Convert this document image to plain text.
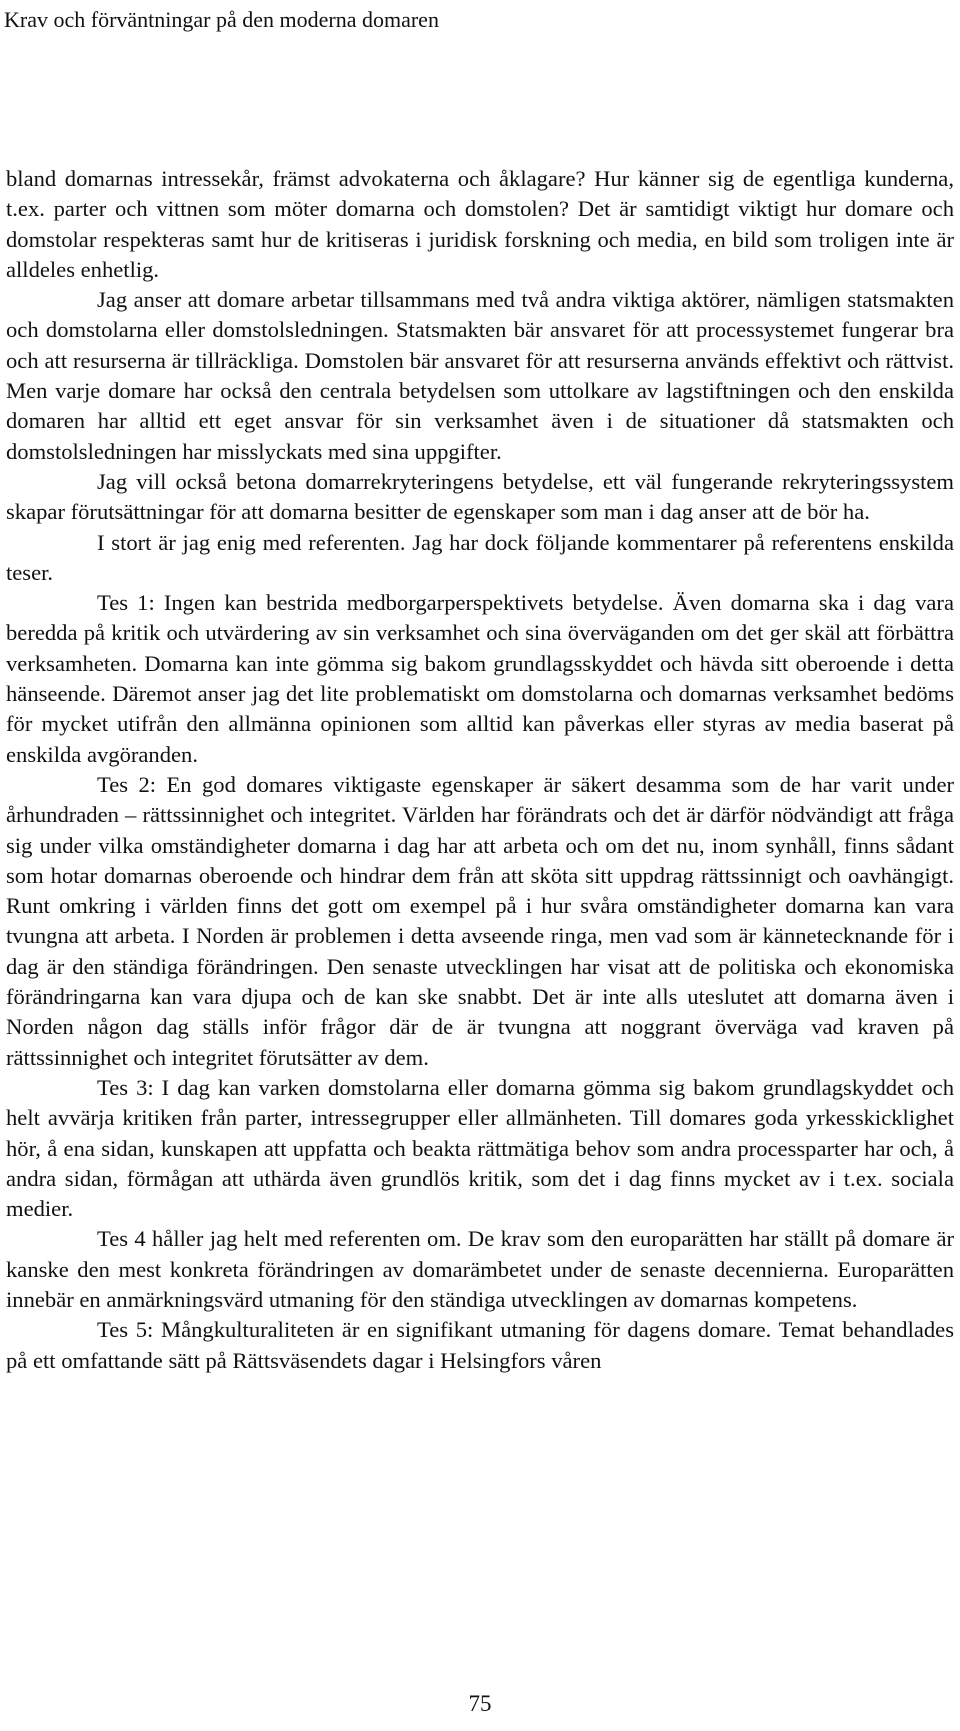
Krav och förväntningar på den moderna domaren

bland domarnas intressekår, främst advokaterna och åklagare? Hur känner sig de egentliga kunderna, t.ex. parter och vittnen som möter domarna och domstolen? Det är samtidigt viktigt hur domare och domstolar respekteras samt hur de kritiseras i juridisk forskning och media, en bild som troligen inte är alldeles enhetlig.

Jag anser att domare arbetar tillsammans med två andra viktiga aktörer, nämligen statsmakten och domstolarna eller domstolsledningen. Statsmakten bär ansvaret för att processystemet fungerar bra och att resurserna är tillräckliga. Domstolen bär ansvaret för att resurserna används effektivt och rättvist. Men varje domare har också den centrala betydelsen som uttolkare av lagstiftningen och den enskilda domaren har alltid ett eget ansvar för sin verksamhet även i de situationer då statsmakten och domstolsledningen har misslyckats med sina uppgifter.

Jag vill också betona domarrekryteringens betydelse, ett väl fungerande rekryteringssystem skapar förutsättningar för att domarna besitter de egenskaper som man i dag anser att de bör ha.

I stort är jag enig med referenten. Jag har dock följande kommentarer på referentens enskilda teser.

Tes 1: Ingen kan bestrida medborgarperspektivets betydelse. Även domarna ska i dag vara beredda på kritik och utvärdering av sin verksamhet och sina överväganden om det ger skäl att förbättra verksamheten. Domarna kan inte gömma sig bakom grundlagsskyddet och hävda sitt oberoende i detta hänseende. Däremot anser jag det lite problematiskt om domstolarna och domarnas verksamhet bedöms för mycket utifrån den allmänna opinionen som alltid kan påverkas eller styras av media baserat på enskilda avgöranden.

Tes 2: En god domares viktigaste egenskaper är säkert desamma som de har varit under århundraden – rättssinnighet och integritet. Världen har förändrats och det är därför nödvändigt att fråga sig under vilka omständigheter domarna i dag har att arbeta och om det nu, inom synhåll, finns sådant som hotar domarnas oberoende och hindrar dem från att sköta sitt uppdrag rättssinnigt och oavhängigt. Runt omkring i världen finns det gott om exempel på i hur svåra omständigheter domarna kan vara tvungna att arbeta. I Norden är problemen i detta avseende ringa, men vad som är kännetecknande för i dag är den ständiga förändringen. Den senaste utvecklingen har visat att de politiska och ekonomiska förändringarna kan vara djupa och de kan ske snabbt. Det är inte alls uteslutet att domarna även i Norden någon dag ställs inför frågor där de är tvungna att noggrant överväga vad kraven på rättssinnighet och integritet förutsätter av dem.

Tes 3: I dag kan varken domstolarna eller domarna gömma sig bakom grundlagskyddet och helt avvärja kritiken från parter, intressegrupper eller allmänheten. Till domares goda yrkesskicklighet hör, å ena sidan, kunskapen att uppfatta och beakta rättmätiga behov som andra processparter har och, å andra sidan, förmågan att uthärda även grundlös kritik, som det i dag finns mycket av i t.ex. sociala medier.

Tes 4 håller jag helt med referenten om. De krav som den europarätten har ställt på domare är kanske den mest konkreta förändringen av domarämbetet under de senaste decennierna. Europarätten innebär en anmärkningsvärd utmaning för den ständiga utvecklingen av domarnas kompetens.

Tes 5: Mångkulturaliteten är en signifikant utmaning för dagens domare. Temat behandlades på ett omfattande sätt på Rättsväsendets dagar i Helsingfors våren

75
